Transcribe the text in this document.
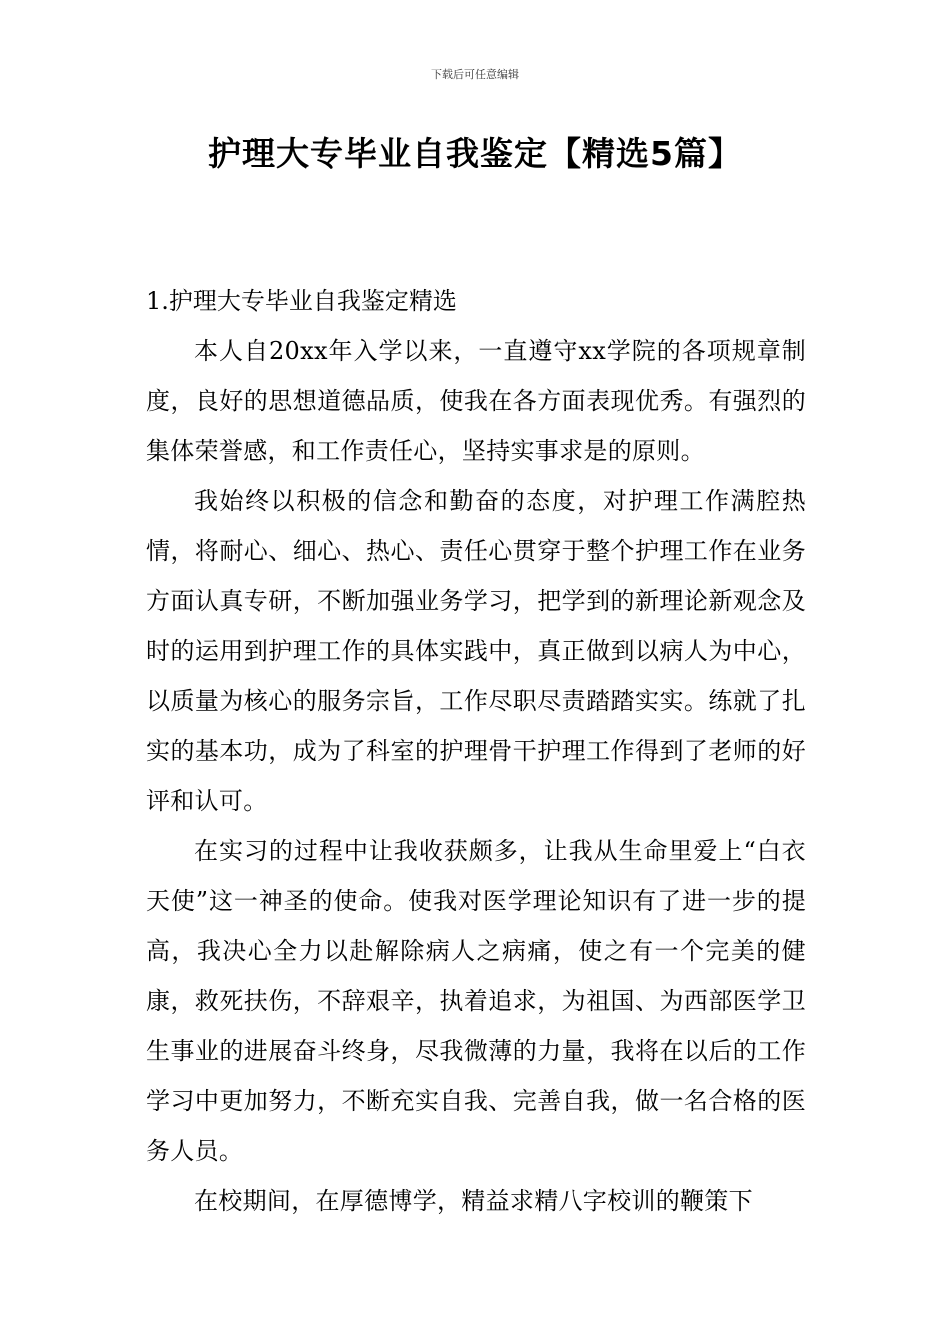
下载后可任意编辑
护理大专毕业自我鉴定【精选5篇】
1.护理大专毕业自我鉴定精选

本人自20xx年入学以来，一直遵守xx学院的各项规章制度，良好的思想道德品质，使我在各方面表现优秀。有强烈的集体荣誉感，和工作责任心，坚持实事求是的原则。

我始终以积极的信念和勤奋的态度，对护理工作满腔热情，将耐心、细心、热心、责任心贯穿于整个护理工作在业务方面认真专研，不断加强业务学习，把学到的新理论新观念及时的运用到护理工作的具体实践中，真正做到以病人为中心，以质量为核心的服务宗旨，工作尽职尽责踏踏实实。练就了扎实的基本功，成为了科室的护理骨干护理工作得到了老师的好评和认可。

在实习的过程中让我收获颇多，让我从生命里爱上“白衣天使”这一神圣的使命。使我对医学理论知识有了进一步的提高，我决心全力以赴解除病人之病痛，使之有一个完美的健康，救死扶伤，不辞艰辛，执着追求，为祖国、为西部医学卫生事业的进展奋斗终身，尽我微薄的力量，我将在以后的工作学习中更加努力，不断充实自我、完善自我，做一名合格的医务人员。

在校期间，在厚德博学，精益求精八字校训的鞭策下
